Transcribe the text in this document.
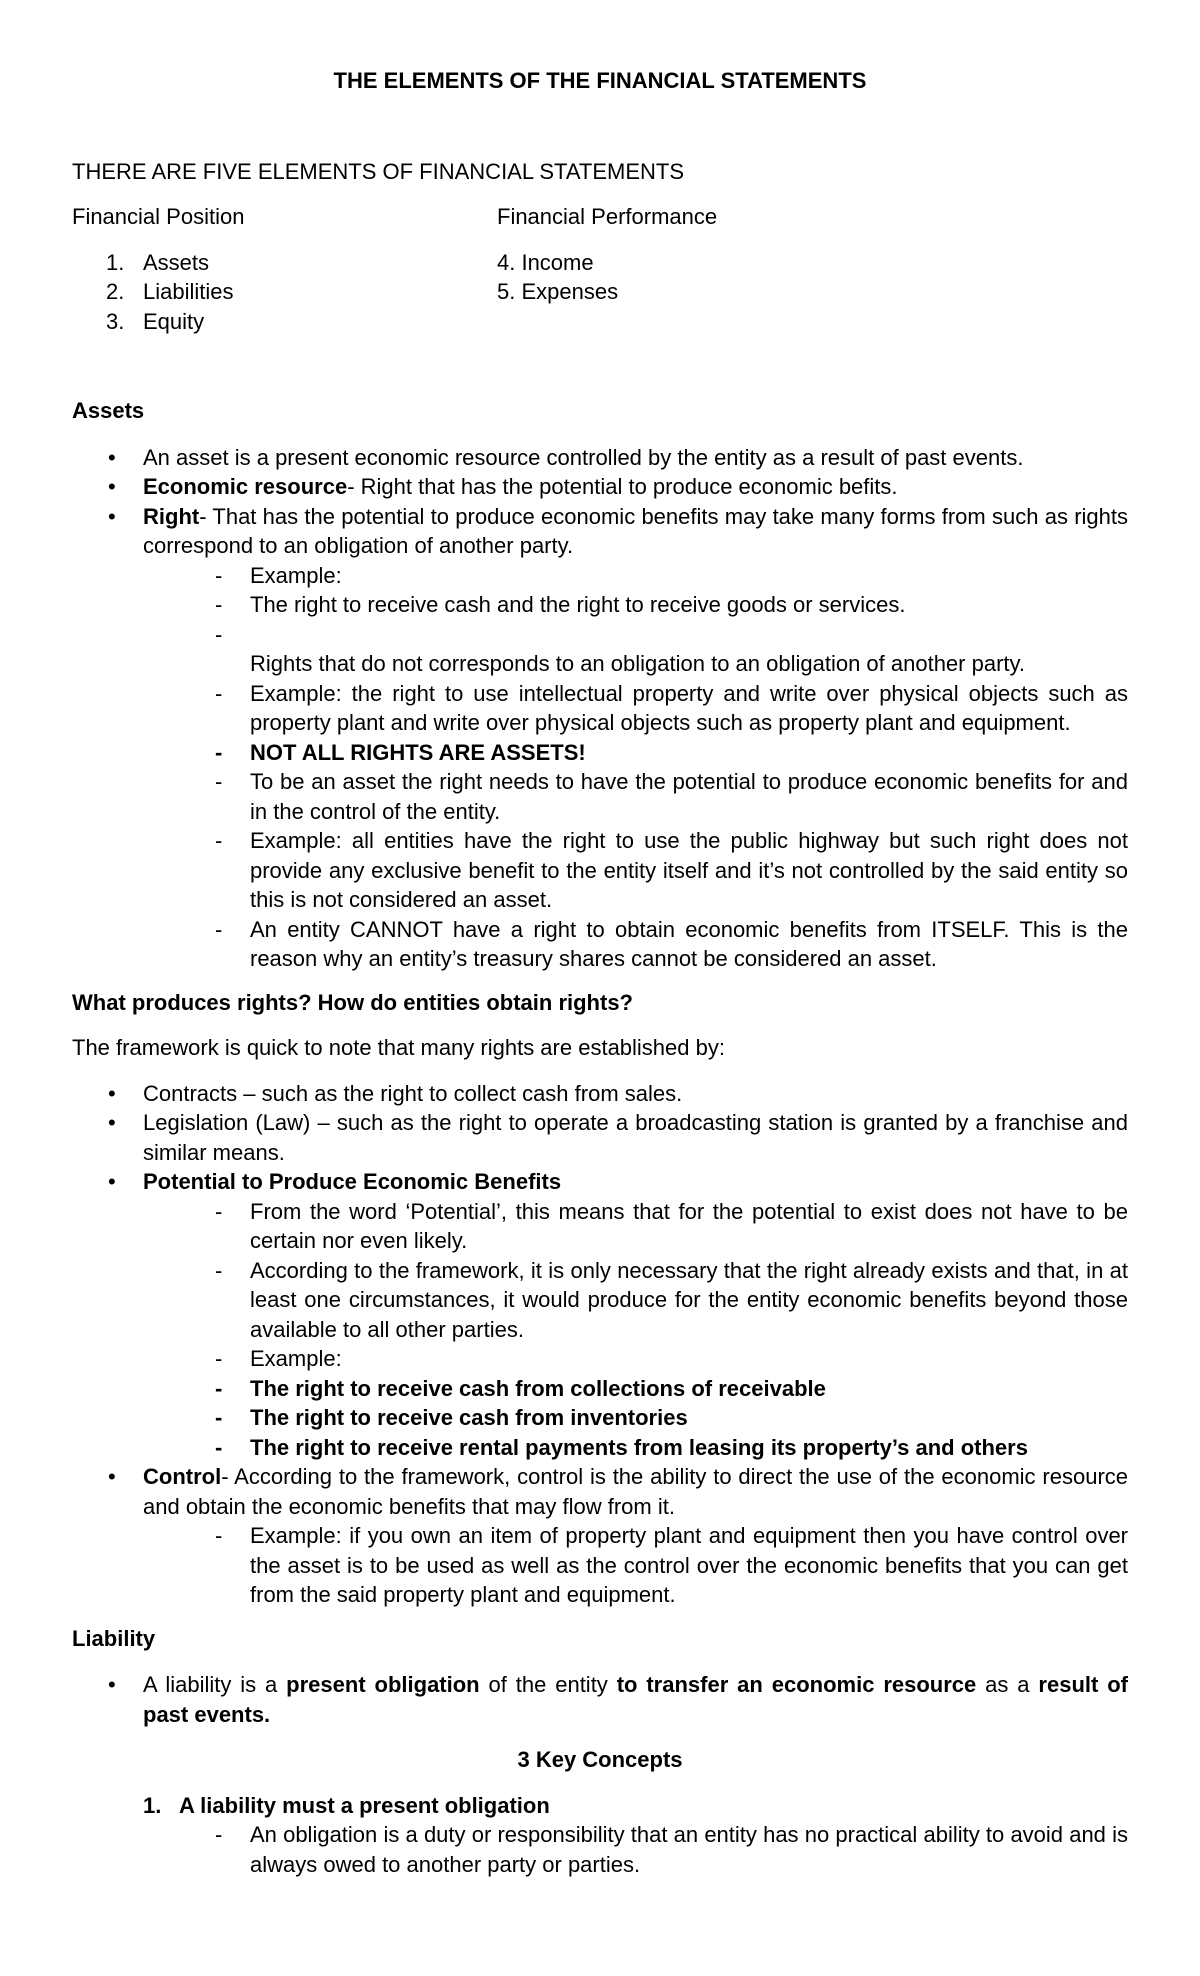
THE ELEMENTS OF THE FINANCIAL STATEMENTS

THERE ARE FIVE ELEMENTS OF FINANCIAL STATEMENTS

Financial Position

1. Assets
2. Liabilities
3. Equity

Financial Performance

4. Income
5. Expenses

Assets

• An asset is a present economic resource controlled by the entity as a result of past events.
• Economic resource- Right that has the potential to produce economic befits.
• Right- That has the potential to produce economic benefits may take many forms from such as rights correspond to an obligation of another party.
- Example:
- The right to receive cash and the right to receive goods or services.

- Rights that do not corresponds to an obligation to an obligation of another party.
- Example: the right to use intellectual property and write over physical objects such as property plant and write over physical objects such as property plant and equipment.
- NOT ALL RIGHTS ARE ASSETS!
- To be an asset the right needs to have the potential to produce economic benefits for and in the control of the entity.
- Example: all entities have the right to use the public highway but such right does not provide any exclusive benefit to the entity itself and it’s not controlled by the said entity so this is not considered an asset.
- An entity CANNOT have a right to obtain economic benefits from ITSELF. This is the reason why an entity’s treasury shares cannot be considered an asset.

What produces rights? How do entities obtain rights?

The framework is quick to note that many rights are established by:

• Contracts – such as the right to collect cash from sales.
• Legislation (Law) – such as the right to operate a broadcasting station is granted by a franchise and similar means.
• Potential to Produce Economic Benefits
- From the word ‘Potential’, this means that for the potential to exist does not have to be certain nor even likely.
- According to the framework, it is only necessary that the right already exists and that, in at least one circumstances, it would produce for the entity economic benefits beyond those available to all other parties.
- Example:
- The right to receive cash from collections of receivable
- The right to receive cash from inventories
- The right to receive rental payments from leasing its property’s and others
• Control- According to the framework, control is the ability to direct the use of the economic resource and obtain the economic benefits that may flow from it.
- Example: if you own an item of property plant and equipment then you have control over the asset is to be used as well as the control over the economic benefits that you can get from the said property plant and equipment.

Liability

• A liability is a present obligation of the entity to transfer an economic resource as a result of past events.

3 Key Concepts

1. A liability must a present obligation
- An obligation is a duty or responsibility that an entity has no practical ability to avoid and is always owed to another party or parties.
